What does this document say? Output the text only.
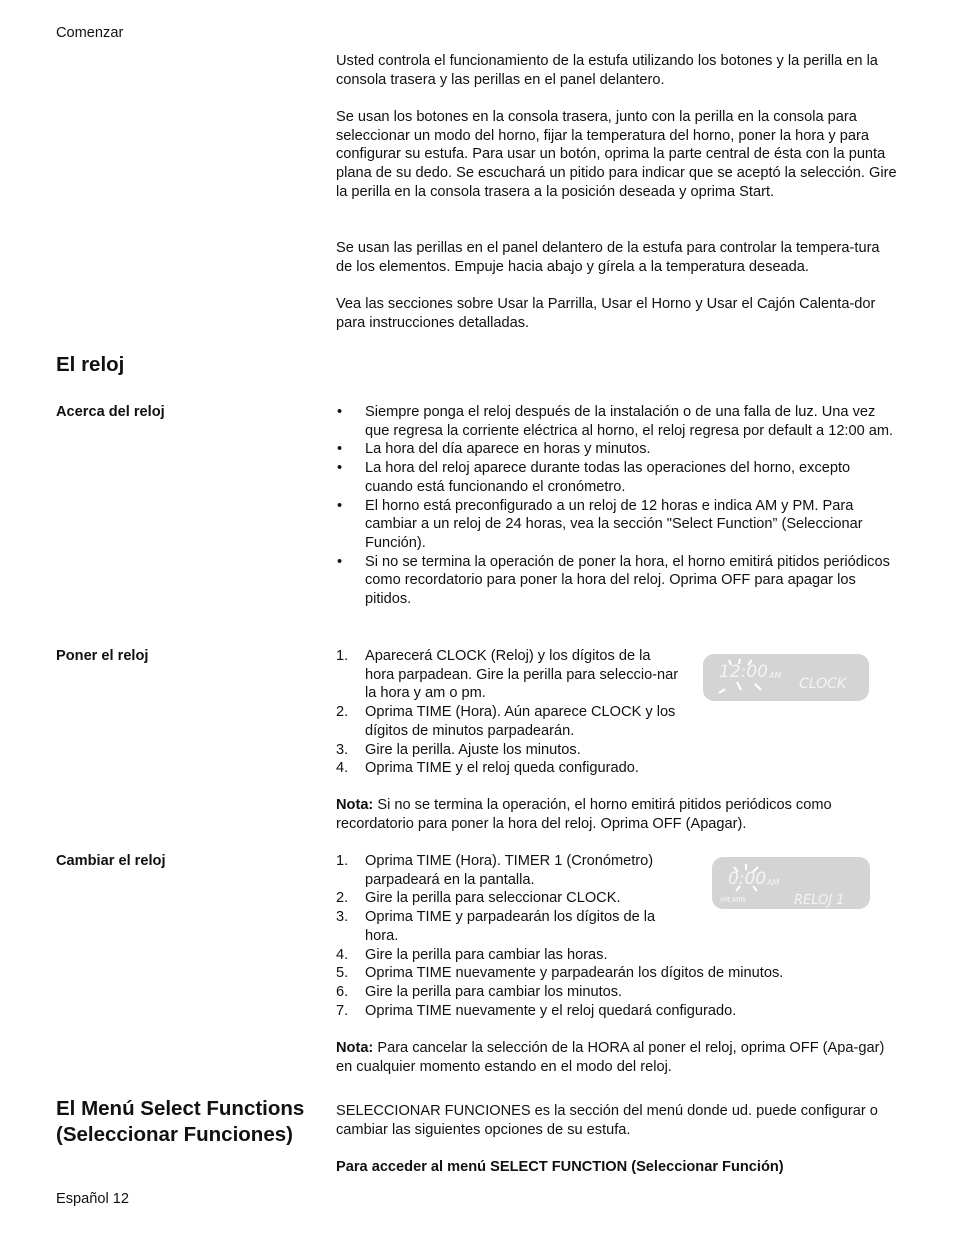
Comenzar
Español 12

Usted controla el funcionamiento de la estufa utilizando los botones y la perilla en la consola trasera y las perillas en el panel delantero.

Se usan los botones en la consola trasera, junto con la perilla en la consola para seleccionar un modo del horno, fijar la temperatura del horno, poner la hora y para configurar su estufa. Para usar un botón, oprima la parte central de ésta con la punta plana de su dedo. Se escuchará un pitido para indicar que se aceptó la selección. Gire la perilla en la consola trasera a la posición deseada y oprima Start.

Se usan las perillas en el panel delantero de la estufa para controlar la tempera-tura de los elementos. Empuje hacia abajo y gírela a la temperatura deseada.

Vea las secciones sobre Usar la Parrilla, Usar el Horno y Usar el Cajón Calenta-dor para instrucciones detalladas.

El reloj
Acerca del reloj	• Siempre ponga el reloj después de la instalación o de una falla de luz. Una vez que regresa la corriente eléctrica al horno, el reloj regresa por default a 12:00 am.
• La hora del día aparece en horas y minutos.
• La hora del reloj aparece durante todas las operaciones del horno, excepto cuando está funcionando el cronómetro.
• El horno está preconfigurado a un reloj de 12 horas e indica AM y PM. Para cambiar a un reloj de 24 horas, vea la sección "Select Function” (Seleccionar Función).
• Si no se termina la operación de poner la hora, el horno emitirá pitidos periódicos como recordatorio para poner la hora del reloj. Oprima OFF para apagar los pitidos.
Poner el reloj	1. Aparecerá CLOCK (Reloj) y los dígitos de la hora parpadean. Gire la perilla para seleccio-nar la hora y am o pm.
2. Oprima TIME (Hora). Aún aparece CLOCK y los dígitos de minutos parpadearán.
3. Gire la perilla. Ajuste los minutos.
4. Oprima TIME y el reloj queda configurado.
12:00 AM
CLOCK

Nota: Si no se termina la operación, el horno emitirá pitidos periódicos como recordatorio para poner la hora del reloj. Oprima OFF (Apagar).

Cambiar el reloj	1. Oprima TIME (Hora). TIMER 1 (Cronómetro) parpadeará en la pantalla.
2. Gire la perilla para seleccionar CLOCK.
3. Oprima TIME y parpadearán los dígitos de la hora.
4. Gire la perilla para cambiar las horas.
5. Oprima TIME nuevamente y parpadearán los dígitos de minutos.
6. Gire la perilla para cambiar los minutos.
7. Oprima TIME nuevamente y el reloj quedará configurado.
0:00 AM
HR:MIN	RELOJ 1

Nota: Para cancelar la selección de la HORA al poner el reloj, oprima OFF (Apa-gar) en cualquier momento estando en el modo del reloj.

El Menú Select Functions
(Seleccionar Funciones)

SELECCIONAR FUNCIONES es la sección del menú donde ud. puede configurar o cambiar las siguientes opciones de su estufa.

Para acceder al menú SELECT FUNCTION (Seleccionar Función)
